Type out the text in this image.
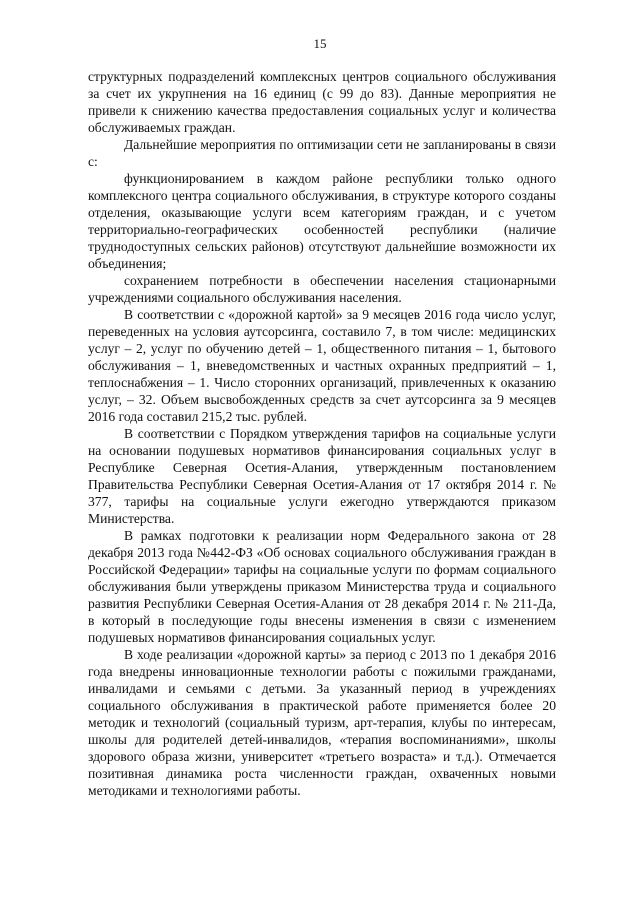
15

структурных подразделений комплексных центров социального обслуживания за счет их укрупнения на 16 единиц (с 99 до 83). Данные мероприятия не привели к снижению качества предоставления социальных услуг и количества обслуживаемых граждан.

Дальнейшие мероприятия по оптимизации сети не запланированы в связи с:

функционированием в каждом районе республики только одного комплексного центра социального обслуживания, в структуре которого созданы отделения, оказывающие услуги всем категориям граждан, и с учетом территориально-географических особенностей республики (наличие труднодоступных сельских районов) отсутствуют дальнейшие возможности их объединения;

сохранением потребности в обеспечении населения стационарными учреждениями социального обслуживания населения.

В соответствии с «дорожной картой» за 9 месяцев 2016 года число услуг, переведенных на условия аутсорсинга, составило 7, в том числе: медицинских услуг – 2, услуг по обучению детей – 1, общественного питания – 1, бытового обслуживания – 1, вневедомственных и частных охранных предприятий – 1, теплоснабжения – 1. Число сторонних организаций, привлеченных к оказанию услуг, – 32. Объем высвобожденных средств за счет аутсорсинга за 9 месяцев 2016 года составил 215,2 тыс. рублей.

В соответствии с Порядком утверждения тарифов на социальные услуги на основании подушевых нормативов финансирования социальных услуг в Республике Северная Осетия-Алания, утвержденным постановлением Правительства Республики Северная Осетия-Алания от 17 октября 2014 г. № 377, тарифы на социальные услуги ежегодно утверждаются приказом Министерства.

В рамках подготовки к реализации норм Федерального закона от 28 декабря 2013 года №442-ФЗ «Об основах социального обслуживания граждан в Российской Федерации» тарифы на социальные услуги по формам социального обслуживания были утверждены приказом Министерства труда и социального развития Республики Северная Осетия-Алания от 28 декабря 2014 г. № 211-Да, в который в последующие годы внесены изменения в связи с изменением подушевых нормативов финансирования социальных услуг.

В ходе реализации «дорожной карты» за период с 2013 по 1 декабря 2016 года внедрены инновационные технологии работы с пожилыми гражданами, инвалидами и семьями с детьми. За указанный период в учреждениях социального обслуживания в практической работе применяется более 20 методик и технологий (социальный туризм, арт-терапия, клубы по интересам, школы для родителей детей-инвалидов, «терапия воспоминаниями», школы здорового образа жизни, университет «третьего возраста» и т.д.). Отмечается позитивная динамика роста численности граждан, охваченных новыми методиками и технологиями работы.
